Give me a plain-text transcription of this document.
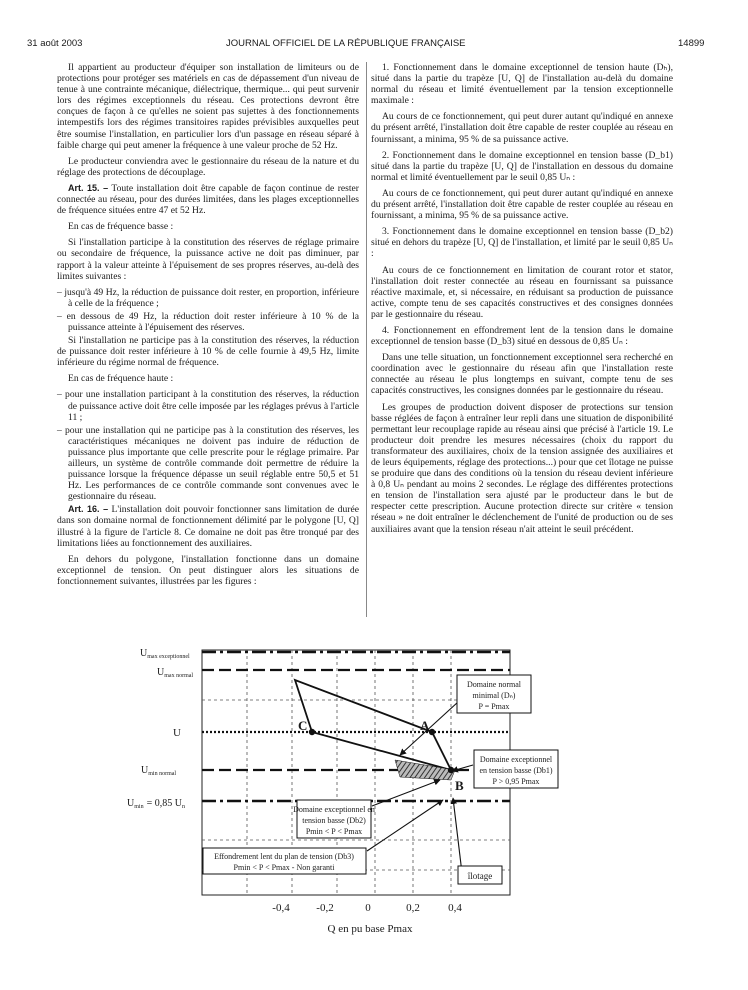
31 août 2003	JOURNAL OFFICIEL DE LA RÉPUBLIQUE FRANÇAISE	14899

Il appartient au producteur d'équiper son installation de limiteurs ou de protections pour protéger ses matériels en cas de dépassement d'un niveau de tenue à une contrainte mécanique, diélectrique, thermique... qui peut survenir lors des régimes exceptionnels du réseau. Ces protections devront être conçues de façon à ce qu'elles ne soient pas sujettes à des fonctionnements intempestifs lors des régimes transitoires rapides prévisibles auxquelles peut être soumise l'installation, en particulier lors d'un passage en réseau séparé à faible charge qui peut amener la fréquence à une valeur proche de 52 Hz.

Le producteur conviendra avec le gestionnaire du réseau de la nature et du réglage des protections de découplage.

Art. 15. – Toute installation doit être capable de façon continue de rester connectée au réseau, pour des durées limitées, dans les plages exceptionnelles de fréquence situées entre 47 et 52 Hz.

En cas de fréquence basse :

Si l'installation participe à la constitution des réserves de réglage primaire ou secondaire de fréquence, la puissance active ne doit pas diminuer, par rapport à la valeur atteinte à l'épuisement de ses propres réserves, au-delà des limites suivantes :

– jusqu'à 49 Hz, la réduction de puissance doit rester, en proportion, inférieure à celle de la fréquence ;

– en dessous de 49 Hz, la réduction doit rester inférieure à 10 % de la puissance atteinte à l'épuisement des réserves.

Si l'installation ne participe pas à la constitution des réserves, la réduction de puissance doit rester inférieure à 10 % de celle fournie à 49,5 Hz, limite inférieure du régime normal de fréquence.

En cas de fréquence haute :

– pour une installation participant à la constitution des réserves, la réduction de puissance active doit être celle imposée par les réglages prévus à l'article 11 ;

– pour une installation qui ne participe pas à la constitution des réserves, les caractéristiques mécaniques ne doivent pas induire de réduction de puissance plus importante que celle prescrite pour le réglage primaire. Par ailleurs, un système de contrôle commande doit permettre de réduire la puissance lorsque la fréquence dépasse un seuil réglable entre 50,5 et 51 Hz. Les performances de ce contrôle commande sont convenues avec le gestionnaire du réseau.

Art. 16. – L'installation doit pouvoir fonctionner sans limitation de durée dans son domaine normal de fonctionnement délimité par le polygone [U, Q] illustré à la figure de l'article 8. Ce domaine ne doit pas être tronqué par des limitations liées au fonctionnement des auxiliaires.

En dehors du polygone, l'installation fonctionne dans un domaine exceptionnel de tension. On peut distinguer alors les situations de fonctionnement suivantes, illustrées par les figures :

1. Fonctionnement dans le domaine exceptionnel de tension haute (Dₕ), situé dans la partie du trapèze [U, Q] de l'installation au-delà du domaine normal du réseau et limité éventuellement par la tension exceptionnelle maximale :

Au cours de ce fonctionnement, qui peut durer autant qu'indiqué en annexe du présent arrêté, l'installation doit être capable de rester couplée au réseau en fournissant, a minima, 95 % de sa puissance active.

2. Fonctionnement dans le domaine exceptionnel en tension basse (D_b1) situé dans la partie du trapèze [U, Q] de l'installation en dessous du domaine normal et limité éventuellement par le seuil 0,85 Uₙ :

Au cours de ce fonctionnement, qui peut durer autant qu'indiqué en annexe du présent arrêté, l'installation doit être capable de rester couplée au réseau en fournissant, a minima, 95 % de sa puissance active.

3. Fonctionnement dans le domaine exceptionnel en tension basse (D_b2) situé en dehors du trapèze [U, Q] de l'installation, et limité par le seuil 0,85 Uₙ :

Au cours de ce fonctionnement en limitation de courant rotor et stator, l'installation doit rester connectée au réseau en fournissant sa puissance réactive maximale, et, si nécessaire, en réduisant sa production de puissance active, compte tenu de ses capacités constructives et des consignes données par le gestionnaire du réseau.

4. Fonctionnement en effondrement lent de la tension dans le domaine exceptionnel de tension basse (D_b3) situé en dessous de 0,85 Uₙ :

Dans une telle situation, un fonctionnement exceptionnel sera recherché en coordination avec le gestionnaire du réseau afin que l'installation reste connectée au réseau le plus longtemps en suivant, compte tenu de ses capacités constructives, les consignes données par le gestionnaire du réseau.

Les groupes de production doivent disposer de protections sur tension basse réglées de façon à entraîner leur repli dans une situation de disponibilité permettant leur recouplage rapide au réseau ainsi que précisé à l'article 19. Le producteur doit prendre les mesures nécessaires (choix du rapport du transformateur des auxiliaires, choix de la tension assignée des auxiliaires et de leurs équipements, réglage des protections...) pour que cet îlotage ne puisse se produire que dans des conditions où la tension du réseau devient inférieure à 0,8 Uₙ pendant au moins 2 secondes. Le réglage des différentes protections en tension de l'installation sera ajusté par le producteur dans le but de respecter cette prescription. Aucune protection directe sur critère « tension réseau » ne doit entraîner le déclenchement de l'unité de production ou de ses auxiliaires avant que la tension réseau n'ait atteint le seuil précédent.

$U_{max exceptionnel}$
$U_{max normal}$
U
$U_{min normal}$
$U_{min} = 0,85$ $U_n$
C	A
B
Domaine normal
minimal (Dₙ)
P = Pmax
Domaine exceptionnel
en tension basse (Db1)
P > 0,95 Pmax
Domaine exceptionnel en
tension basse (Db2)
Pmin < P < Pmax
Effondrement lent du plan de tension (Db3)
Pmin < P < Pmax - Non garanti
îlotage
-0,4 -0,2	0	0,2	0,4
Q en pu base Pmax
